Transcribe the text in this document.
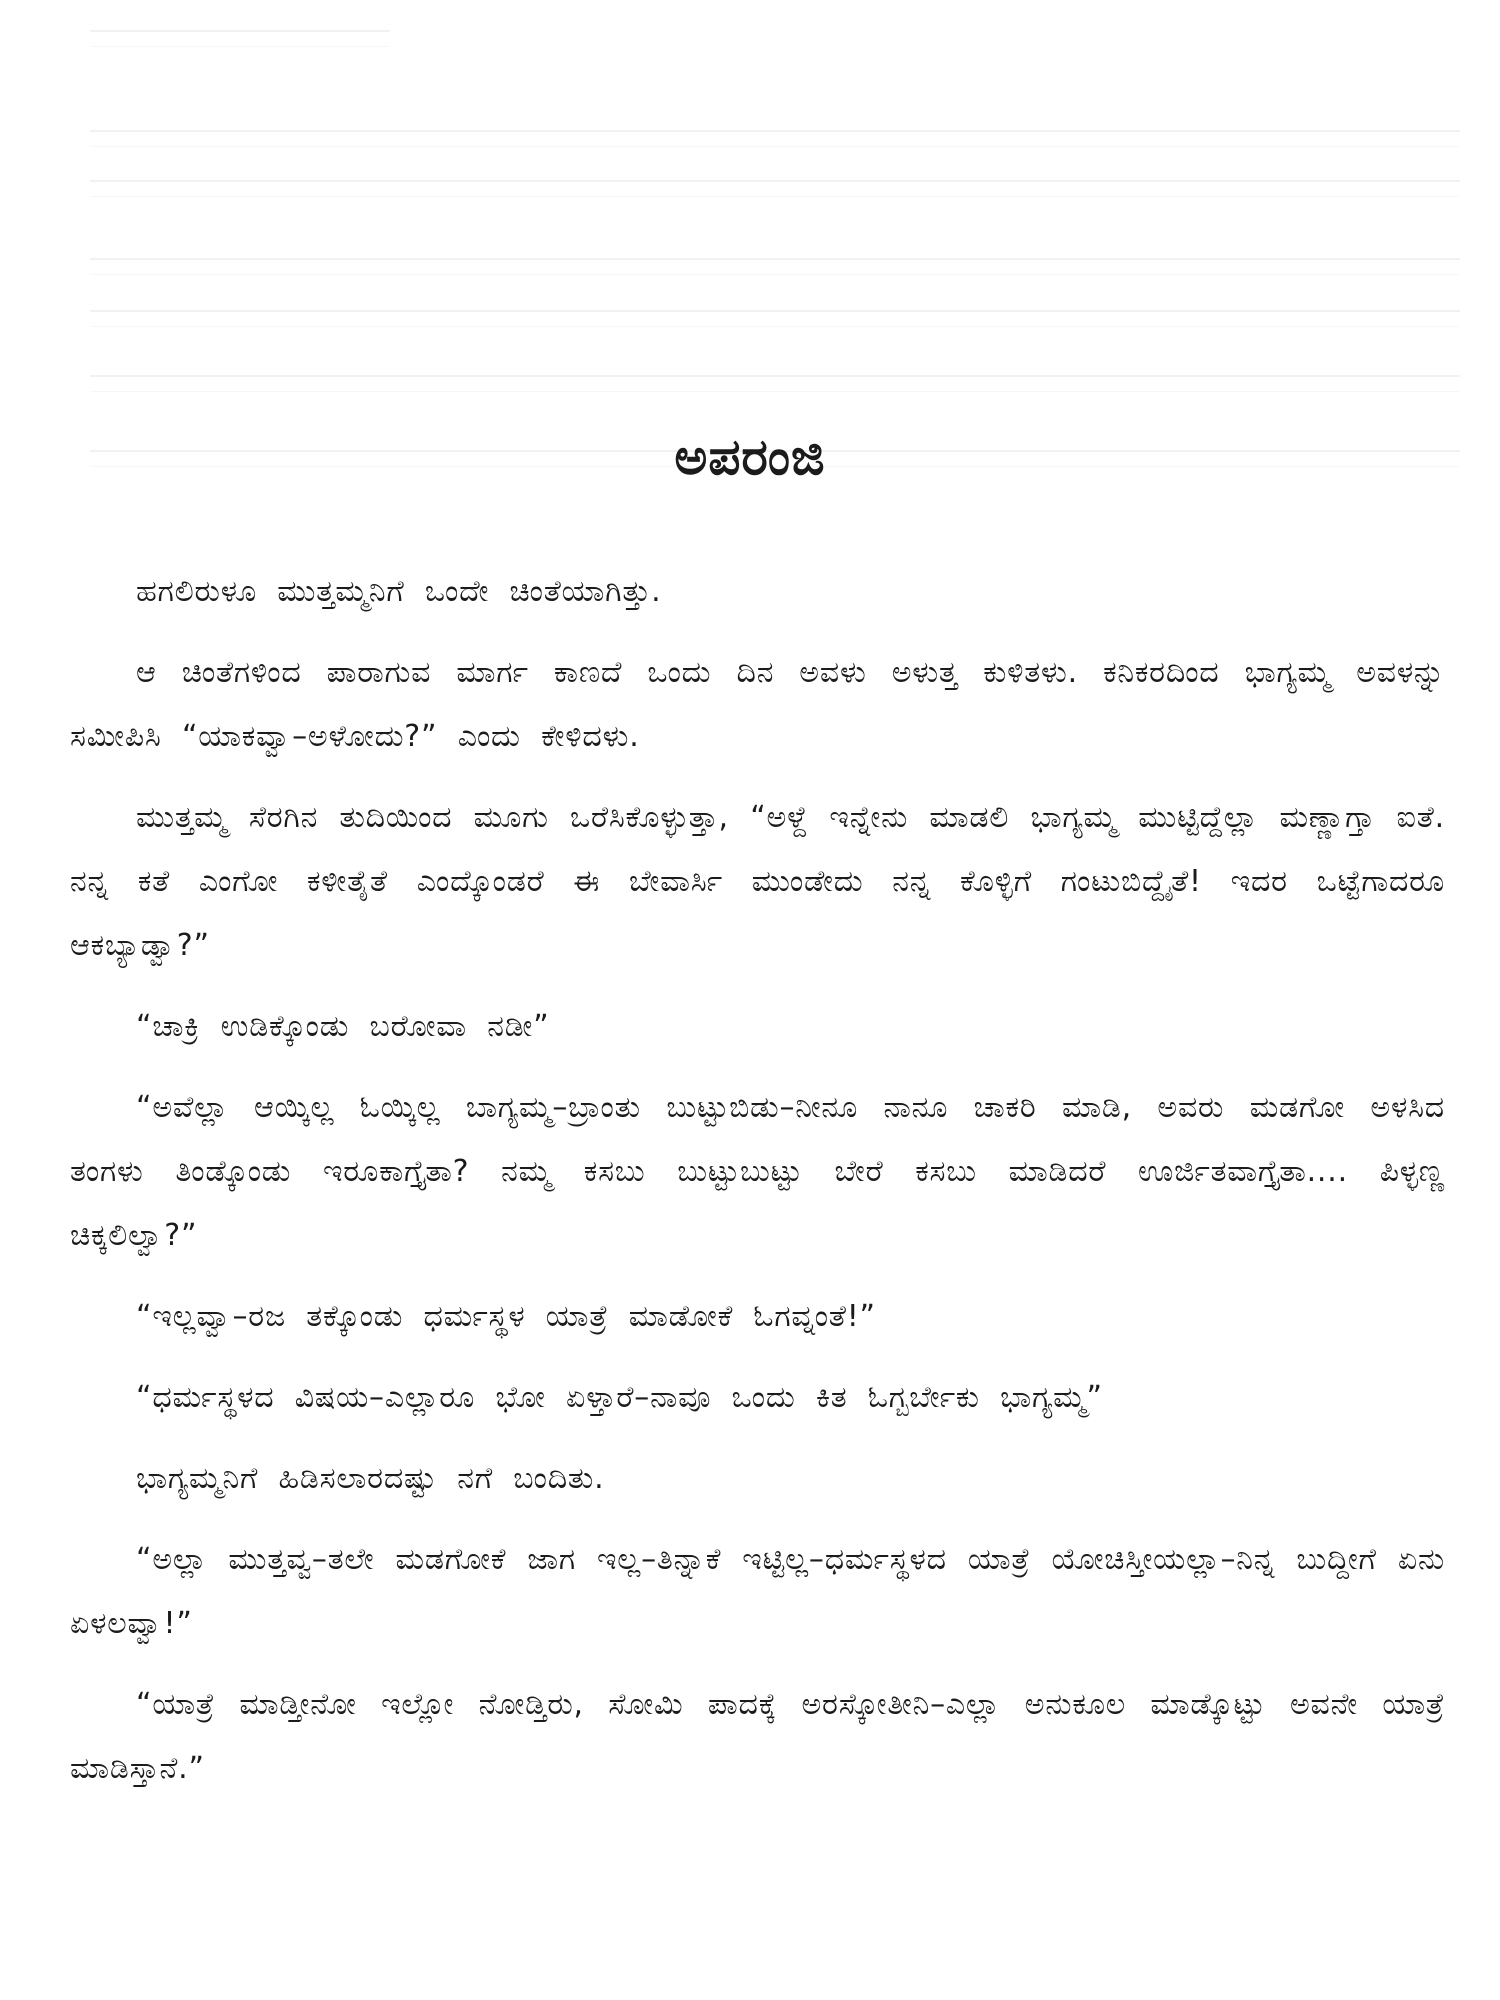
ಅಪರಂಜಿ

ಹಗಲಿರುಳೂ ಮುತ್ತಮ್ಮನಿಗೆ ಒಂದೇ ಚಿಂತೆಯಾಗಿತ್ತು.

ಆ ಚಿಂತೆಗಳಿಂದ ಪಾರಾಗುವ ಮಾರ್ಗ ಕಾಣದೆ ಒಂದು ದಿನ ಅವಳು ಅಳುತ್ತ ಕುಳಿತಳು. ಕನಿಕರದಿಂದ ಭಾಗ್ಯಮ್ಮ ಅವಳನ್ನು ಸಮೀಪಿಸಿ “ಯಾಕವ್ವಾ–ಅಳೋದು?” ಎಂದು ಕೇಳಿದಳು.

ಮುತ್ತಮ್ಮ ಸೆರಗಿನ ತುದಿಯಿಂದ ಮೂಗು ಒರೆಸಿಕೊಳ್ಳುತ್ತಾ, “ಅಳ್ದೆ ಇನ್ನೇನು ಮಾಡಲಿ ಭಾಗ್ಯಮ್ಮ ಮುಟ್ಟಿದ್ದೆಲ್ಲಾ ಮಣ್ಣಾಗ್ತಾ ಐತೆ. ನನ್ನ ಕತೆ ಎಂಗೋ ಕಳೀತೈತೆ ಎಂದ್ಕೊಂಡರೆ ಈ ಬೇವಾರ್ಸಿ ಮುಂಡೇದು ನನ್ನ ಕೊಳ್ಳಿಗೆ ಗಂಟುಬಿದ್ದೈತೆ! ಇದರ ಒಟ್ಟೆಗಾದರೂ ಆಕಬ್ಯಾಡ್ವಾ?”

“ಚಾಕ್ರಿ ಉಡಿಕ್ಕೊಂಡು ಬರೋವಾ ನಡೀ”

“ಅವೆಲ್ಲಾ ಆಯ್ಕಿಲ್ಲ ಓಯ್ಕಿಲ್ಲ ಬಾಗ್ಯಮ್ಮ–ಬ್ರಾಂತು ಬುಟ್ಟುಬಿಡು–ನೀನೂ ನಾನೂ ಚಾಕರಿ ಮಾಡಿ, ಅವರು ಮಡಗೋ ಅಳಸಿದ ತಂಗಳು ತಿಂಡ್ಕೊಂಡು ಇರೂಕಾಗ್ತೈತಾ? ನಮ್ಮ ಕಸಬು ಬುಟ್ಟುಬುಟ್ಟು ಬೇರೆ ಕಸಬು ಮಾಡಿದರೆ ಊರ್ಜಿತವಾಗ್ತೈತಾ.... ಪಿಳ್ಳಣ್ಣ ಚಿಕ್ಕಲಿಲ್ವಾ?”

“ಇಲ್ಲವ್ವಾ–ರಜ ತಕ್ಕೊಂಡು ಧರ್ಮಸ್ಥಳ ಯಾತ್ರೆ ಮಾಡೋಕೆ ಓಗವ್ನಂತೆ!”

“ಧರ್ಮಸ್ಥಳದ ವಿಷಯ–ಎಲ್ಲಾರೂ ಭೋ ಏಳ್ತಾರೆ–ನಾವೂ ಒಂದು ಕಿತ ಓಗ್ಬರ್ಬೇಕು ಭಾಗ್ಯಮ್ಮ”

ಭಾಗ್ಯಮ್ಮನಿಗೆ ಹಿಡಿಸಲಾರದಷ್ಟು ನಗೆ ಬಂದಿತು.

“ಅಲ್ಲಾ ಮುತ್ತವ್ವ–ತಲೇ ಮಡಗೋಕೆ ಜಾಗ ಇಲ್ಲ–ತಿನ್ನಾಕೆ ಇಟ್ಟಿಲ್ಲ–ಧರ್ಮಸ್ಥಳದ ಯಾತ್ರೆ ಯೋಚಿಸ್ತೀಯಲ್ಲಾ–ನಿನ್ನ ಬುದ್ದೀಗೆ ಏನು ಏಳಲವ್ವಾ!”

“ಯಾತ್ರೆ ಮಾಡ್ತೀನೋ ಇಲ್ಲೋ ನೋಡ್ತಿರು, ಸೋಮಿ ಪಾದಕ್ಕೆ ಅರಸ್ಕೋತೀನಿ–ಎಲ್ಲಾ ಅನುಕೂಲ ಮಾಡ್ಕೊಟ್ಟು ಅವನೇ ಯಾತ್ರೆ ಮಾಡಿಸ್ತಾನೆ.”
